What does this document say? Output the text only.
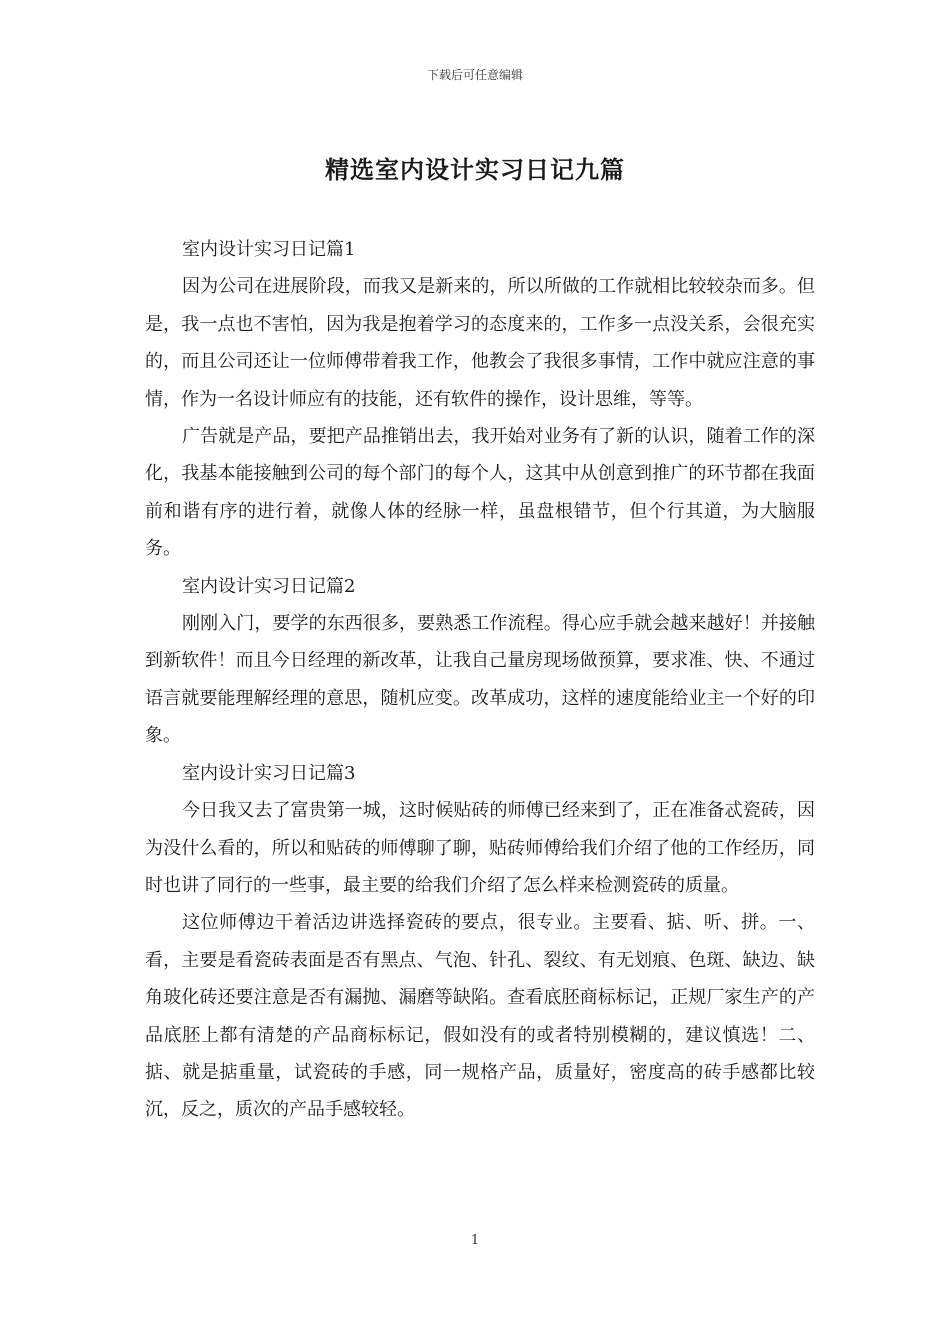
下载后可任意编辑
精选室内设计实习日记九篇

室内设计实习日记篇1

因为公司在进展阶段，而我又是新来的，所以所做的工作就相比较较杂而多。但是，我一点也不害怕，因为我是抱着学习的态度来的，工作多一点没关系，会很充实的，而且公司还让一位师傅带着我工作，他教会了我很多事情，工作中就应注意的事情，作为一名设计师应有的技能，还有软件的操作，设计思维，等等。

广告就是产品，要把产品推销出去，我开始对业务有了新的认识，随着工作的深化，我基本能接触到公司的每个部门的每个人，这其中从创意到推广的环节都在我面前和谐有序的进行着，就像人体的经脉一样，虽盘根错节，但个行其道，为大脑服务。

室内设计实习日记篇2

刚刚入门，要学的东西很多，要熟悉工作流程。得心应手就会越来越好！并接触到新软件！而且今日经理的新改革，让我自己量房现场做预算，要求准、快、不通过语言就要能理解经理的意思，随机应变。改革成功，这样的速度能给业主一个好的印象。

室内设计实习日记篇3

今日我又去了富贵第一城，这时候贴砖的师傅已经来到了，正在准备忒瓷砖，因为没什么看的，所以和贴砖的师傅聊了聊，贴砖师傅给我们介绍了他的工作经历，同时也讲了同行的一些事，最主要的给我们介绍了怎么样来检测瓷砖的质量。

这位师傅边干着活边讲选择瓷砖的要点，很专业。主要看、掂、听、拼。一、看，主要是看瓷砖表面是否有黑点、气泡、针孔、裂纹、有无划痕、色斑、缺边、缺角玻化砖还要注意是否有漏抛、漏磨等缺陷。查看底胚商标标记，正规厂家生产的产品底胚上都有清楚的产品商标标记，假如没有的或者特别模糊的，建议慎选！二、掂、就是掂重量，试瓷砖的手感，同一规格产品，质量好，密度高的砖手感都比较沉，反之，质次的产品手感较轻。

1
